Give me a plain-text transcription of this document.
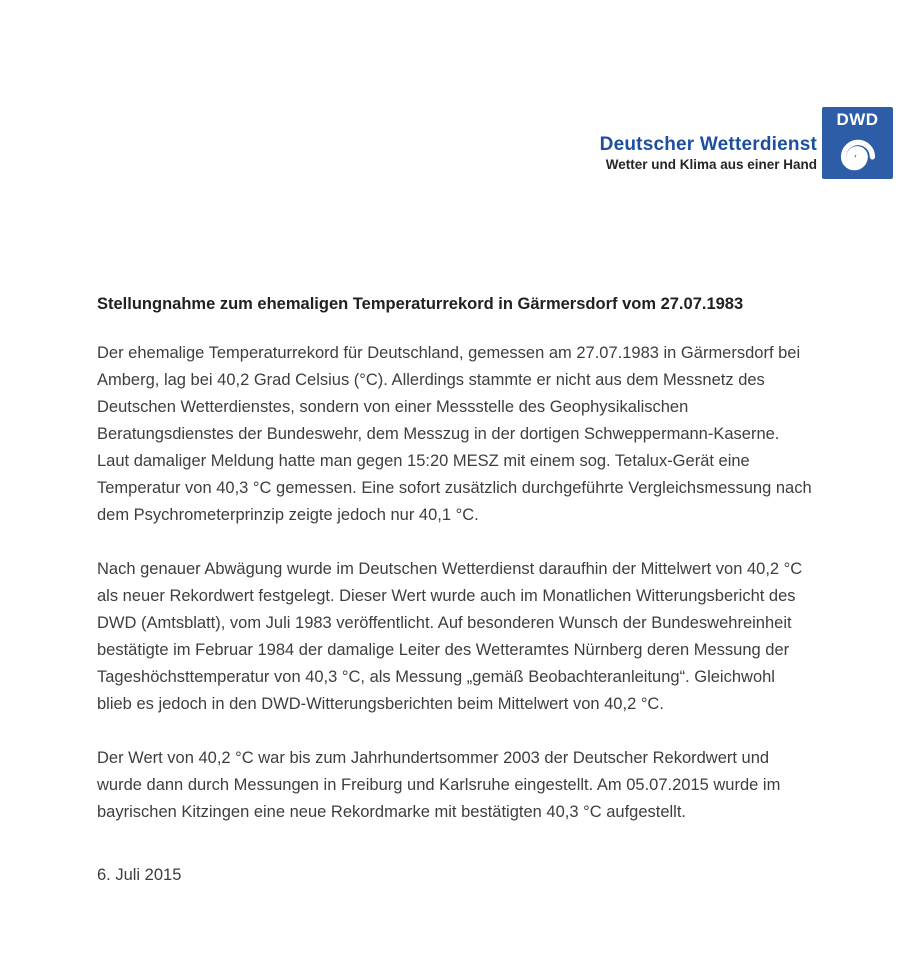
Deutscher Wetterdienst
Wetter und Klima aus einer Hand
DWD
Stellungnahme zum ehemaligen Temperaturrekord in Gärmersdorf vom 27.07.1983

Der ehemalige Temperaturrekord für Deutschland, gemessen am 27.07.1983 in Gärmersdorf bei Amberg, lag bei 40,2 Grad Celsius (°C). Allerdings stammte er nicht aus dem Messnetz des Deutschen Wetterdienstes, sondern von einer Messstelle des Geophysikalischen Beratungsdienstes der Bundeswehr, dem Messzug in der dortigen Schweppermann-Kaserne. Laut damaliger Meldung hatte man gegen 15:20 MESZ mit einem sog. Tetalux-Gerät eine Temperatur von 40,3 °C gemessen. Eine sofort zusätzlich durchgeführte Vergleichsmessung nach dem Psychrometerprinzip zeigte jedoch nur 40,1 °C.

Nach genauer Abwägung wurde im Deutschen Wetterdienst daraufhin der Mittelwert von 40,2 °C als neuer Rekordwert festgelegt. Dieser Wert wurde auch im Monatlichen Witterungsbericht des DWD (Amtsblatt), vom Juli 1983 veröffentlicht. Auf besonderen Wunsch der Bundeswehreinheit bestätigte im Februar 1984 der damalige Leiter des Wetteramtes Nürnberg deren Messung der Tageshöchsttemperatur von 40,3 °C, als Messung „gemäß Beobachteranleitung“. Gleichwohl blieb es jedoch in den DWD-Witterungsberichten beim Mittelwert von 40,2 °C.

Der Wert von 40,2 °C war bis zum Jahrhundertsommer 2003 der Deutscher Rekordwert und wurde dann durch Messungen in Freiburg und Karlsruhe eingestellt. Am 05.07.2015 wurde im bayrischen Kitzingen eine neue Rekordmarke mit bestätigten 40,3 °C aufgestellt.

6. Juli 2015
